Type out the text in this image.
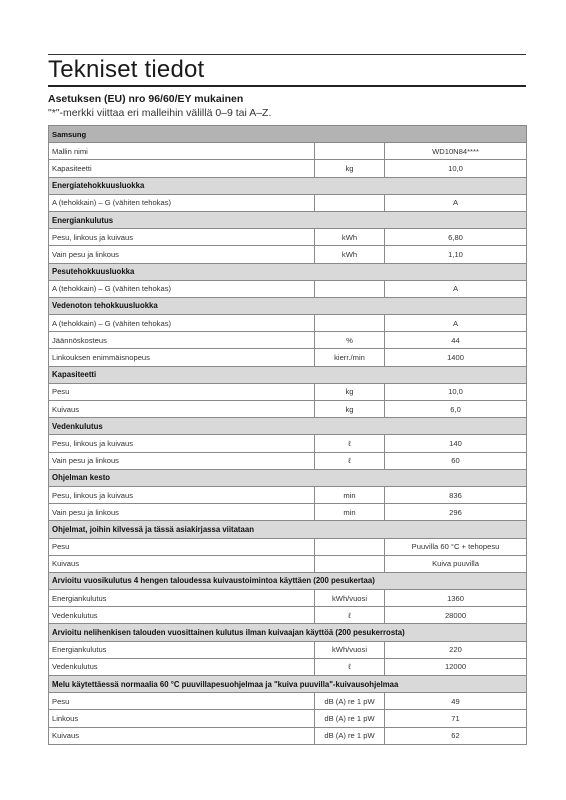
Tekniset tiedot
Asetuksen (EU) nro 96/60/EY mukainen
"*"-merkki viittaa eri malleihin välillä 0–9 tai A–Z.
Samsung		
Mallin nimi		WD10N84****
Kapasiteetti	kg	10,0
Energiatehokkuusluokka		
A (tehokkain) – G (vähiten tehokas)		A
Energiankulutus		
Pesu, linkous ja kuivaus	kWh	6,80
Vain pesu ja linkous	kWh	1,10
Pesutehokkuusluokka		
A (tehokkain) – G (vähiten tehokas)		A
Vedenoton tehokkuusluokka		
A (tehokkain) – G (vähiten tehokas)		A
Jäännöskosteus	%	44
Linkouksen enimmäisnopeus	kierr./min	1400
Kapasiteetti		
Pesu	kg	10,0
Kuivaus	kg	6,0
Vedenkulutus		
Pesu, linkous ja kuivaus	ℓ	140
Vain pesu ja linkous	ℓ	60
Ohjelman kesto		
Pesu, linkous ja kuivaus	min	836
Vain pesu ja linkous	min	296
Ohjelmat, joihin kilvessä ja tässä asiakirjassa viitataan		
Pesu		Puuvilla 60 °C + tehopesu
Kuivaus		Kuiva puuvilla
Arvioitu vuosikulutus 4 hengen taloudessa kuivaustoimintoa käyttäen (200 pesukertaa)		
Energiankulutus	kWh/vuosi	1360
Vedenkulutus	ℓ	28000
Arvioitu nelihenkisen talouden vuosittainen kulutus ilman kuivaajan käyttöä (200 pesukerrosta)		
Energiankulutus	kWh/vuosi	220
Vedenkulutus	ℓ	12000
Melu käytettäessä normaalia 60 °C puuvillapesuohjelmaa ja "kuiva puuvilla"-kuivausohjelmaa		
Pesu	dB (A) re 1 pW	49
Linkous	dB (A) re 1 pW	71
Kuivaus	dB (A) re 1 pW	62
